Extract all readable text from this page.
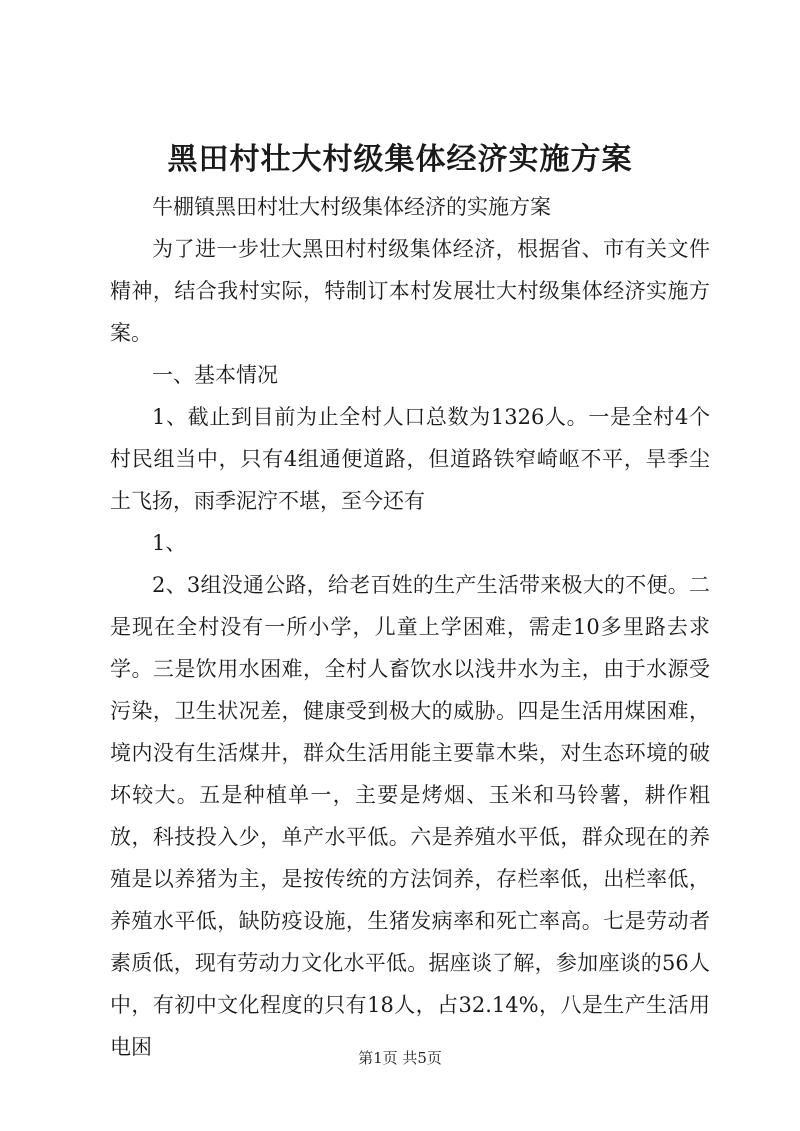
黑田村壮大村级集体经济实施方案

牛棚镇黑田村壮大村级集体经济的实施方案

为了进一步壮大黑田村村级集体经济，根据省、市有关文件精神，结合我村实际，特制订本村发展壮大村级集体经济实施方案。

一、基本情况

1、截止到目前为止全村人口总数为1326人。一是全村4个村民组当中，只有4组通便道路，但道路铁窄崎岖不平，旱季尘土飞扬，雨季泥泞不堪，至今还有

1、

2、3组没通公路，给老百姓的生产生活带来极大的不便。二是现在全村没有一所小学，儿童上学困难，需走10多里路去求学。三是饮用水困难，全村人畜饮水以浅井水为主，由于水源受污染，卫生状况差，健康受到极大的威胁。四是生活用煤困难，境内没有生活煤井，群众生活用能主要靠木柴，对生态环境的破坏较大。五是种植单一，主要是烤烟、玉米和马铃薯，耕作粗放，科技投入少，单产水平低。六是养殖水平低，群众现在的养殖是以养猪为主，是按传统的方法饲养，存栏率低，出栏率低，养殖水平低，缺防疫设施，生猪发病率和死亡率高。七是劳动者素质低，现有劳动力文化水平低。据座谈了解，参加座谈的56人中，有初中文化程度的只有18人，占32.14%，八是生产生活用电困	第1页 共5页
